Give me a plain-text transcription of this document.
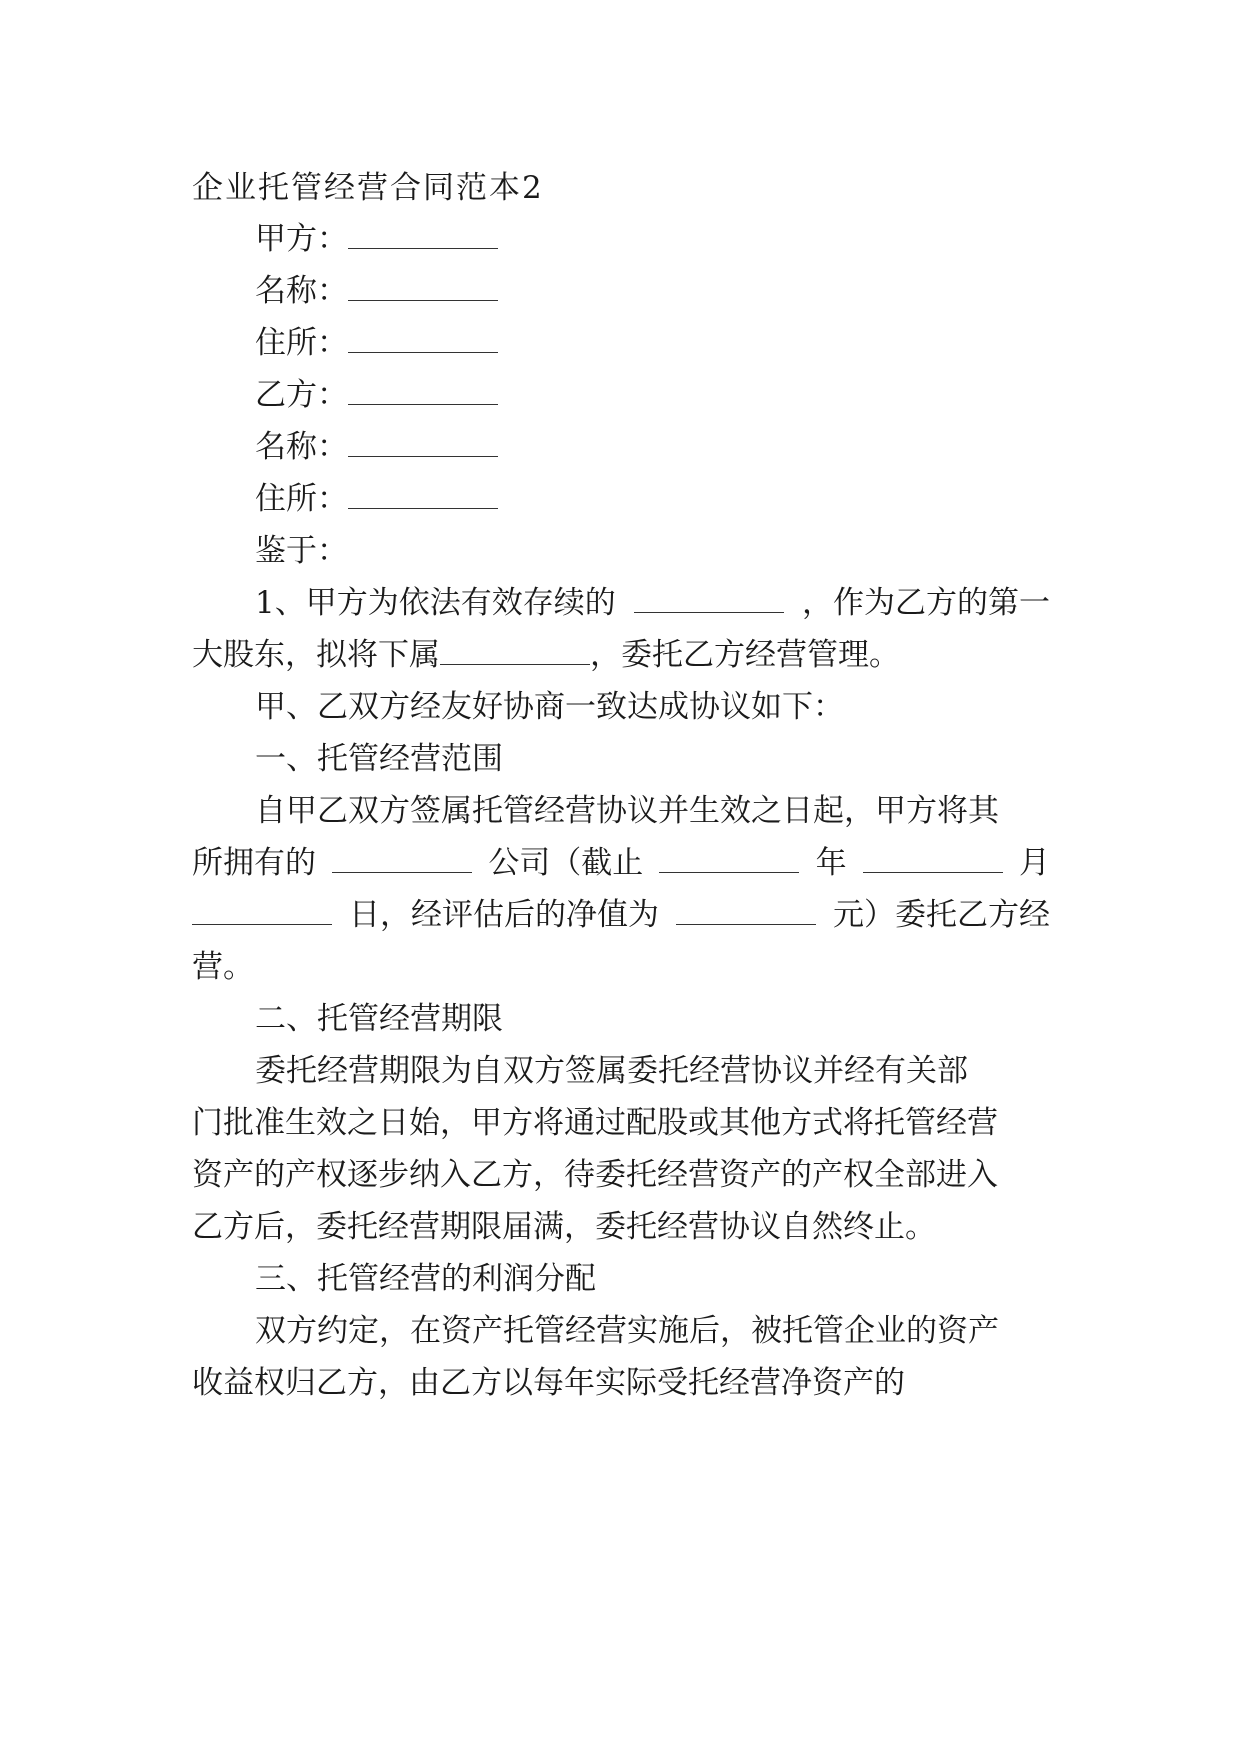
企业托管经营合同范本2
甲方：
名称：
住所：
乙方：
名称：
住所：
鉴于：
1、甲方为依法有效存续的	，作为乙方的第一
大股东，拟将下属	，委托乙方经营管理。
甲、乙双方经友好协商一致达成协议如下：
一、托管经营范围
自甲乙双方签属托管经营协议并生效之日起，甲方将其
所拥有的	公司（截止	年	月
日，经评估后的净值为	元）委托乙方经
营。
二、托管经营期限
委托经营期限为自双方签属委托经营协议并经有关部
门批准生效之日始，甲方将通过配股或其他方式将托管经营
资产的产权逐步纳入乙方，待委托经营资产的产权全部进入
乙方后，委托经营期限届满，委托经营协议自然终止。
三、托管经营的利润分配
双方约定，在资产托管经营实施后，被托管企业的资产
收益权归乙方，由乙方以每年实际受托经营净资产的
